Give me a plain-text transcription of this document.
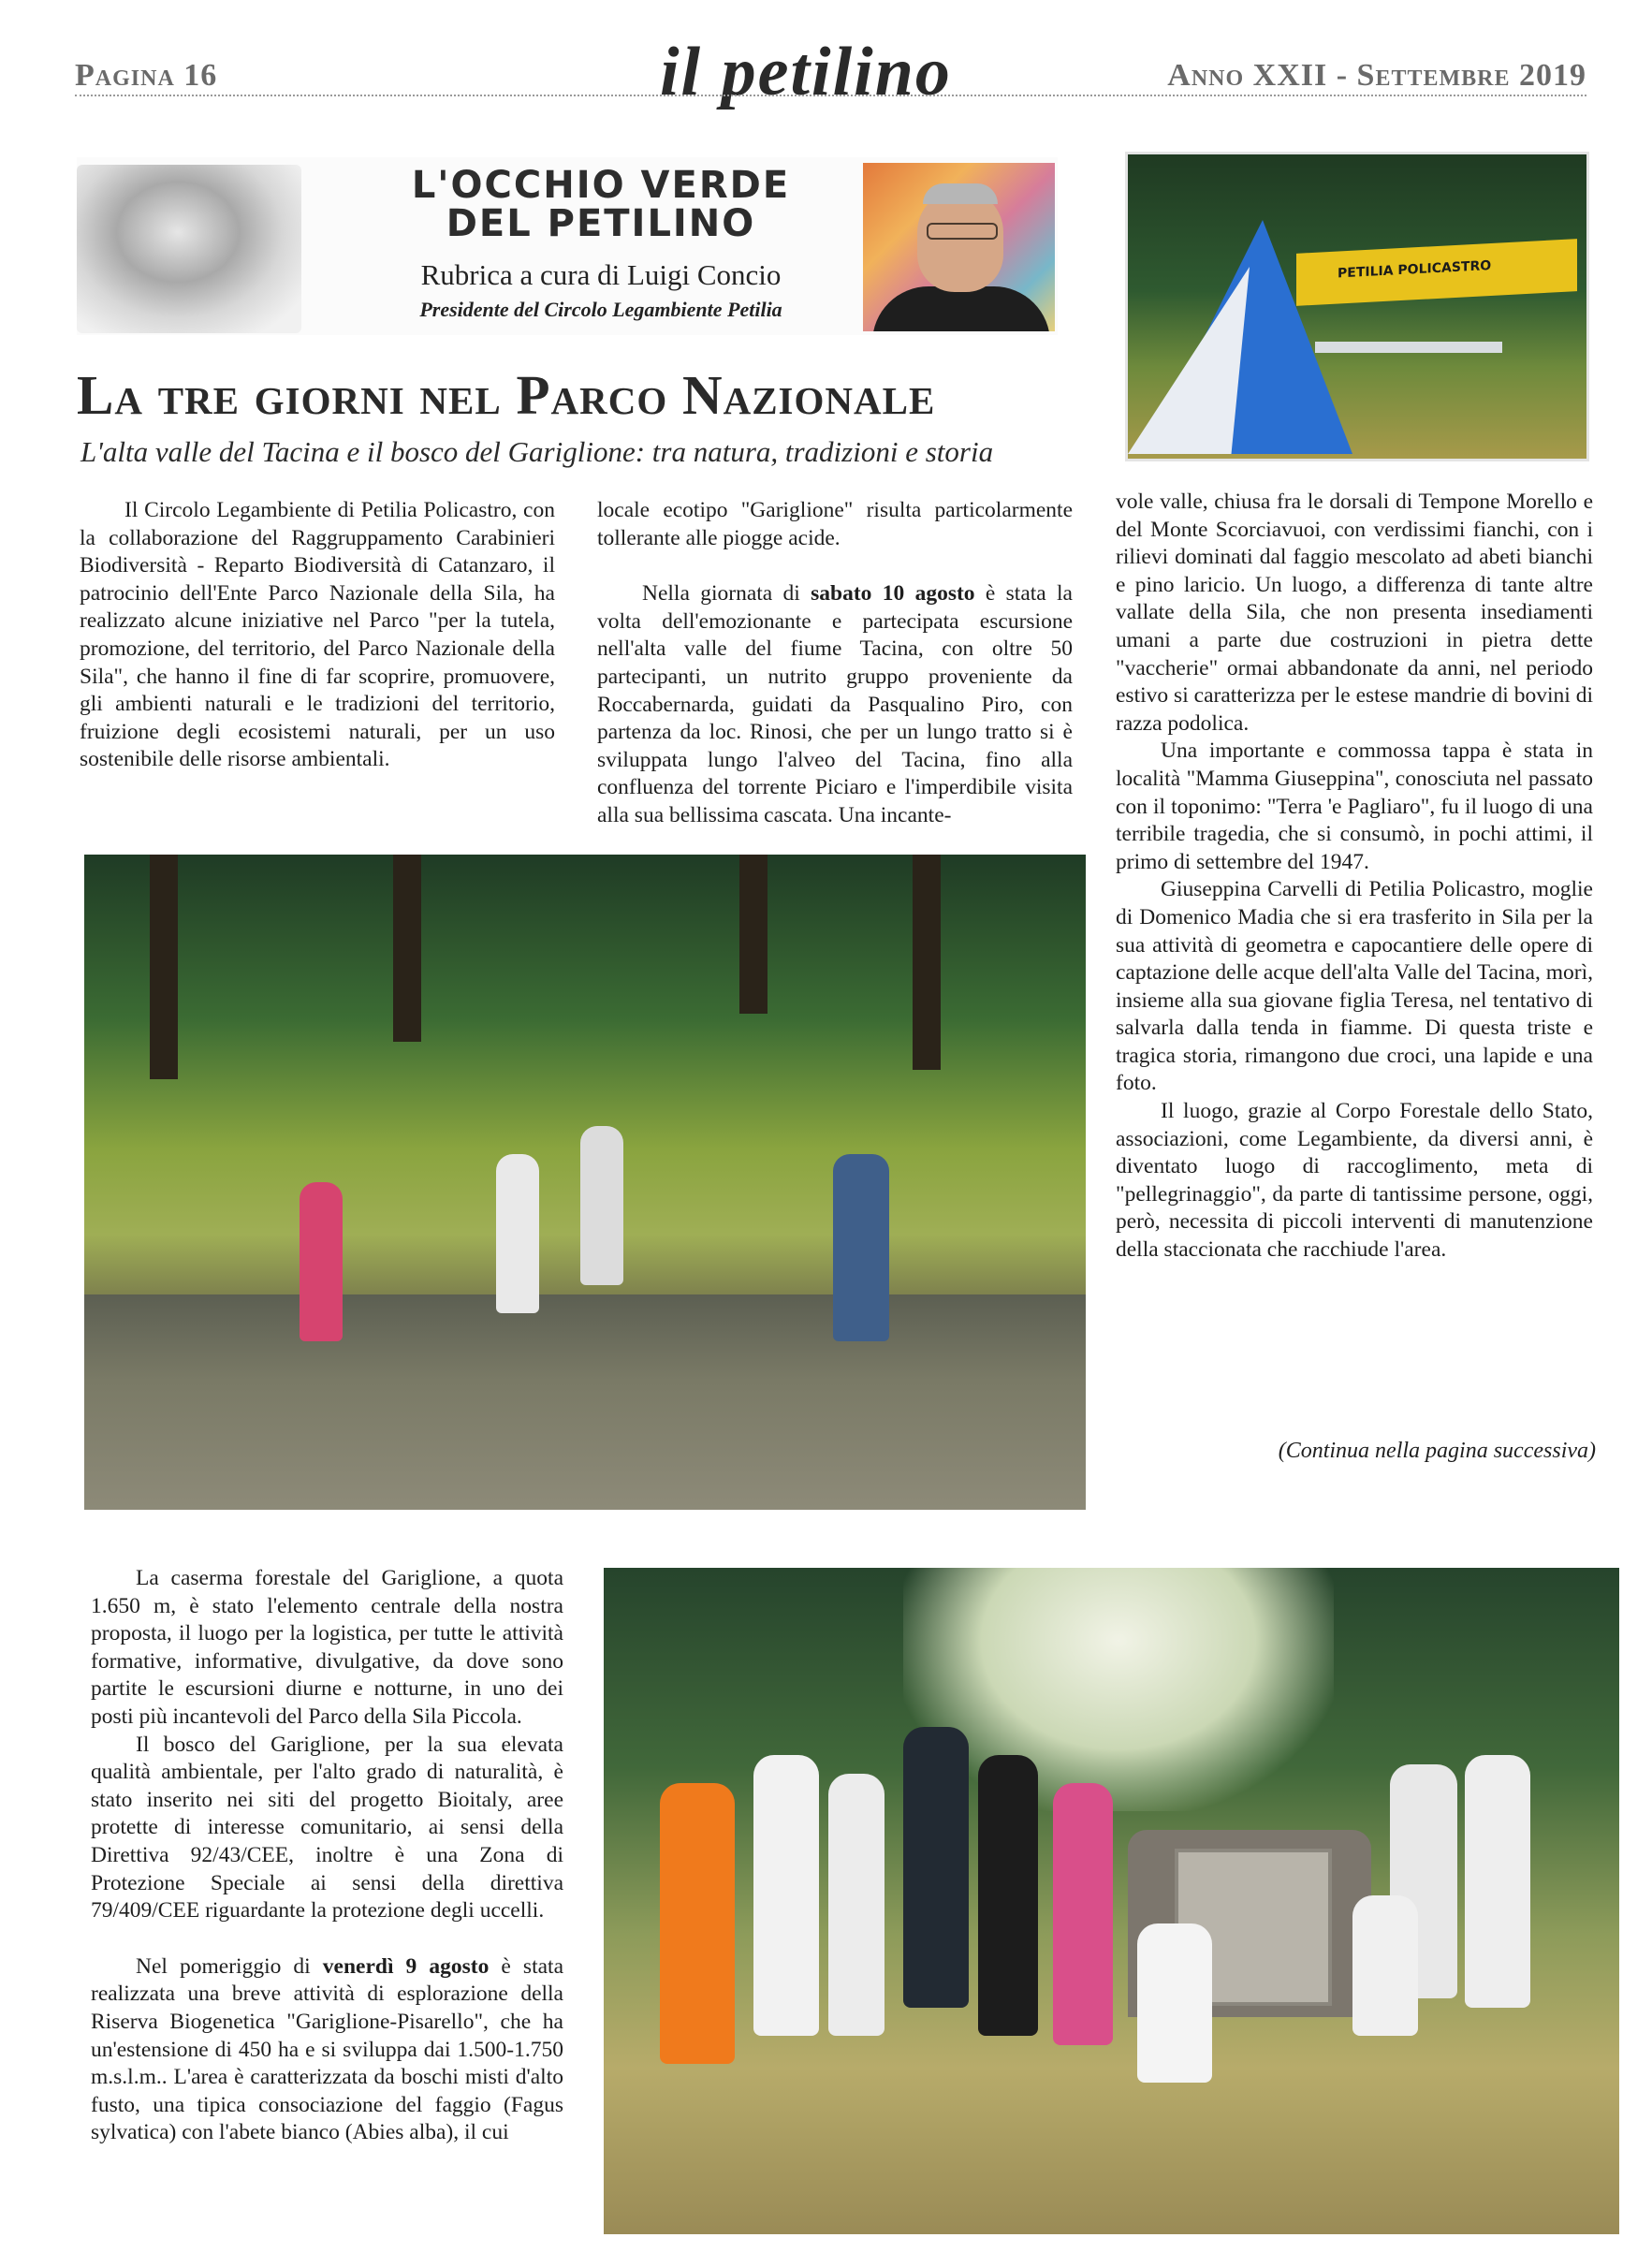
Pagina 16	il petilino	Anno XXII - Settembre 2019
L'OCCHIO VERDE
DEL PETILINO
Rubrica a cura di Luigi Concio
Presidente del Circolo Legambiente Petilia
PETILIA POLICASTRO
La tre giorni nel Parco Nazionale
L'alta valle del Tacina e il bosco del Gariglione: tra natura, tradizioni e storia

Il Circolo Legambiente di Petilia Policastro, con la collaborazione del Raggruppamento Carabinieri Biodiversità - Reparto Biodiversità di Catanzaro, il patrocinio dell'Ente Parco Nazionale della Sila, ha realizzato alcune iniziative nel Parco "per la tutela, promozione, del territorio, del Parco Nazionale della Sila", che hanno il fine di far scoprire, promuovere, gli ambienti naturali e le tradizioni del territorio, fruizione degli ecosistemi naturali, per un uso sostenibile delle risorse ambientali.

locale ecotipo "Gariglione" risulta particolarmente tollerante alle piogge acide.

Nella giornata di sabato 10 agosto è stata la volta dell'emozionante e partecipata escursione nell'alta valle del fiume Tacina, con oltre 50 partecipanti, un nutrito gruppo proveniente da Roccabernarda, guidati da Pasqualino Piro, con partenza da loc. Rinosi, che per un lungo tratto si è sviluppata lungo l'alveo del Tacina, fino alla confluenza del torrente Piciaro e l'imperdibile visita alla sua bellissima cascata. Una incante-

vole valle, chiusa fra le dorsali di Tempone Morello e del Monte Scorciavuoi, con verdissimi fianchi, con i rilievi dominati dal faggio mescolato ad abeti bianchi e pino laricio. Un luogo, a differenza di tante altre vallate della Sila, che non presenta insediamenti umani a parte due costruzioni in pietra dette "vaccherie" ormai abbandonate da anni, nel periodo estivo si caratterizza per le estese mandrie di bovini di razza podolica.

Una importante e commossa tappa è stata in località "Mamma Giuseppina", conosciuta nel passato con il toponimo: "Terra 'e Pagliaro", fu il luogo di una terribile tragedia, che si consumò, in pochi attimi, il primo di settembre del 1947.

Giuseppina Carvelli di Petilia Policastro, moglie di Domenico Madia che si era trasferito in Sila per la sua attività di geometra e capocantiere delle opere di captazione delle acque dell'alta Valle del Tacina, morì, insieme alla sua giovane figlia Teresa, nel tentativo di salvarla dalla tenda in fiamme. Di questa triste e tragica storia, rimangono due croci, una lapide e una foto.

Il luogo, grazie al Corpo Forestale dello Stato, associazioni, come Legambiente, da diversi anni, è diventato luogo di raccoglimento, meta di "pellegrinaggio", da parte di tantissime persone, oggi, però, necessita di piccoli interventi di manutenzione della staccionata che racchiude l'area.

(Continua nella pagina successiva)

La caserma forestale del Gariglione, a quota 1.650 m, è stato l'elemento centrale della nostra proposta, il luogo per la logistica, per tutte le attività formative, informative, divulgative, da dove sono partite le escursioni diurne e notturne, in uno dei posti più incantevoli del Parco della Sila Piccola.

Il bosco del Gariglione, per la sua elevata qualità ambientale, per l'alto grado di naturalità, è stato inserito nei siti del progetto Bioitaly, aree protette di interesse comunitario, ai sensi della Direttiva 92/43/CEE, inoltre è una Zona di Protezione Speciale ai sensi della direttiva 79/409/CEE riguardante la protezione degli uccelli.

Nel pomeriggio di venerdì 9 agosto è stata realizzata una breve attività di esplorazione della Riserva Biogenetica "Gariglione-Pisarello", che ha un'estensione di 450 ha e si sviluppa dai 1.500-1.750 m.s.l.m.. L'area è caratterizzata da boschi misti d'alto fusto, una tipica consociazione del faggio (Fagus sylvatica) con l'abete bianco (Abies alba), il cui
